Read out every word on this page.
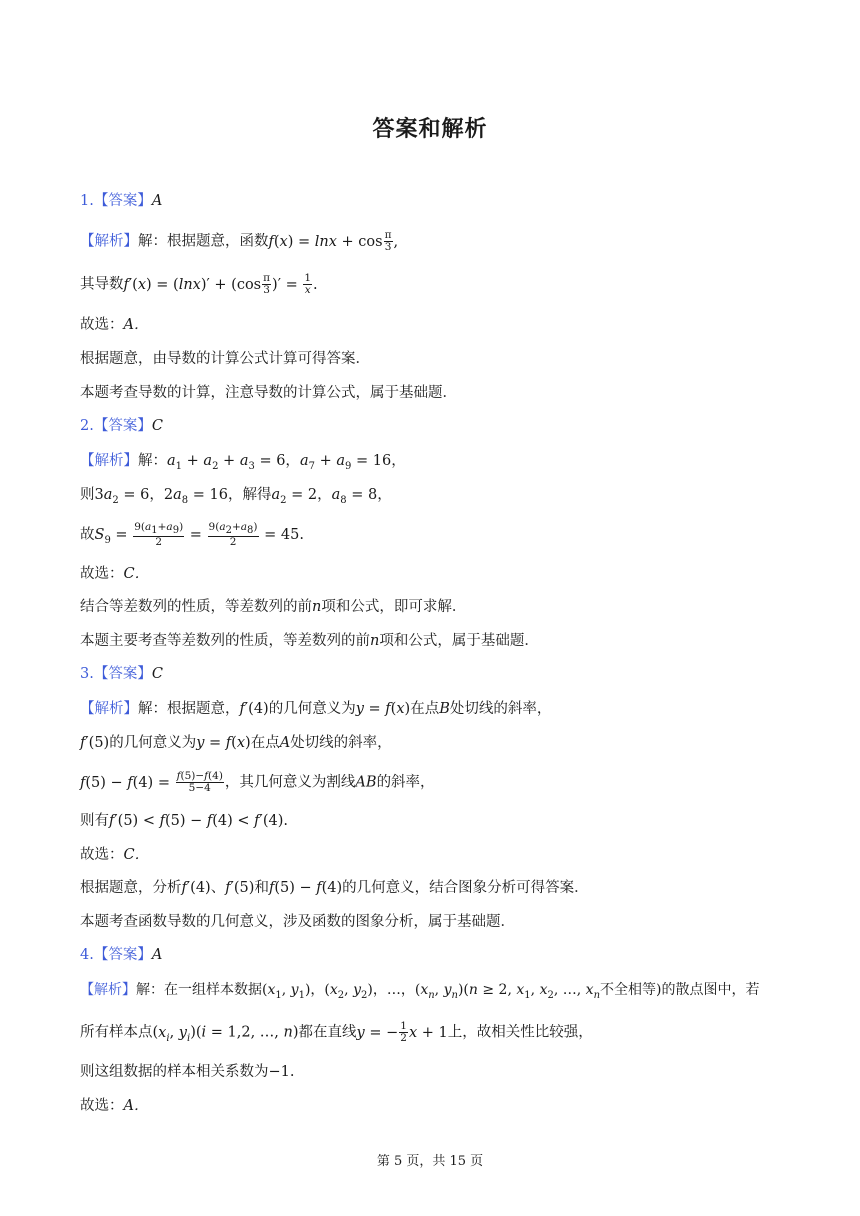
答案和解析
1.【答案】A
【解析】解：根据题意，函数$f(x) = \ln x + \cos \frac{\pi}{3}$ ,
其导数$f'(x) = (\ln x)' + (\cos \frac{\pi}{3}$ )′ = $\frac{1}{x}$ .
故选：A．
根据题意，由导数的计算公式计算可得答案．
本题考查导数的计算，注意导数的计算公式，属于基础题．
2.【答案】C
【解析】解：$a_1 + a_2 + a_3 = 6$，$a_7 + a_9 = 16$，
则$3a_2 = 6$，$2a_8 = 16$，解得$a_2 = 2$，$a_8 = 8$，
故$S_9 = \frac{9(a_1+a_9)}{2} = \frac{9(a_2+a_8)}{2} = 45$.
故选：C．
结合等差数列的性质，等差数列的前n项和公式，即可求解．
本题主要考查等差数列的性质，等差数列的前n项和公式，属于基础题．
3.【答案】C
【解析】解：根据题意，f′(4)的几何意义为y = f(x)在点B处切线的斜率，
f′(5)的几何意义为y = f(x)在点A处切线的斜率，
$f(5) - f(4) = \frac{f(5)-f(4)}{5-4}$ ，其几何意义为割线AB的斜率，
则有f′(5) < f(5) − f(4) < f′(4).
故选：C．
根据题意，分析f′(4)、f′(5)和f(5) − f(4)的几何意义，结合图象分析可得答案．
本题考查函数导数的几何意义，涉及函数的图象分析，属于基础题．
4.【答案】A
【解析】解：在一组样本数据($x_1$, $y_1$)，($x_2$, $y_2$)，…，($x_n$, $y_n)(n \ge 2$, $x_1$, $x_2$, …, $x_n$不全相等)的散点图中，若
所有样本点($x_i$, $y_i)(i = 1,2$, …, n)都在直线y = − $\frac{1}{2}$ x + 1上，故相关性比较强，
则这组数据的样本相关系数为−1.
故选：A．
第 5 页，共 15 页
